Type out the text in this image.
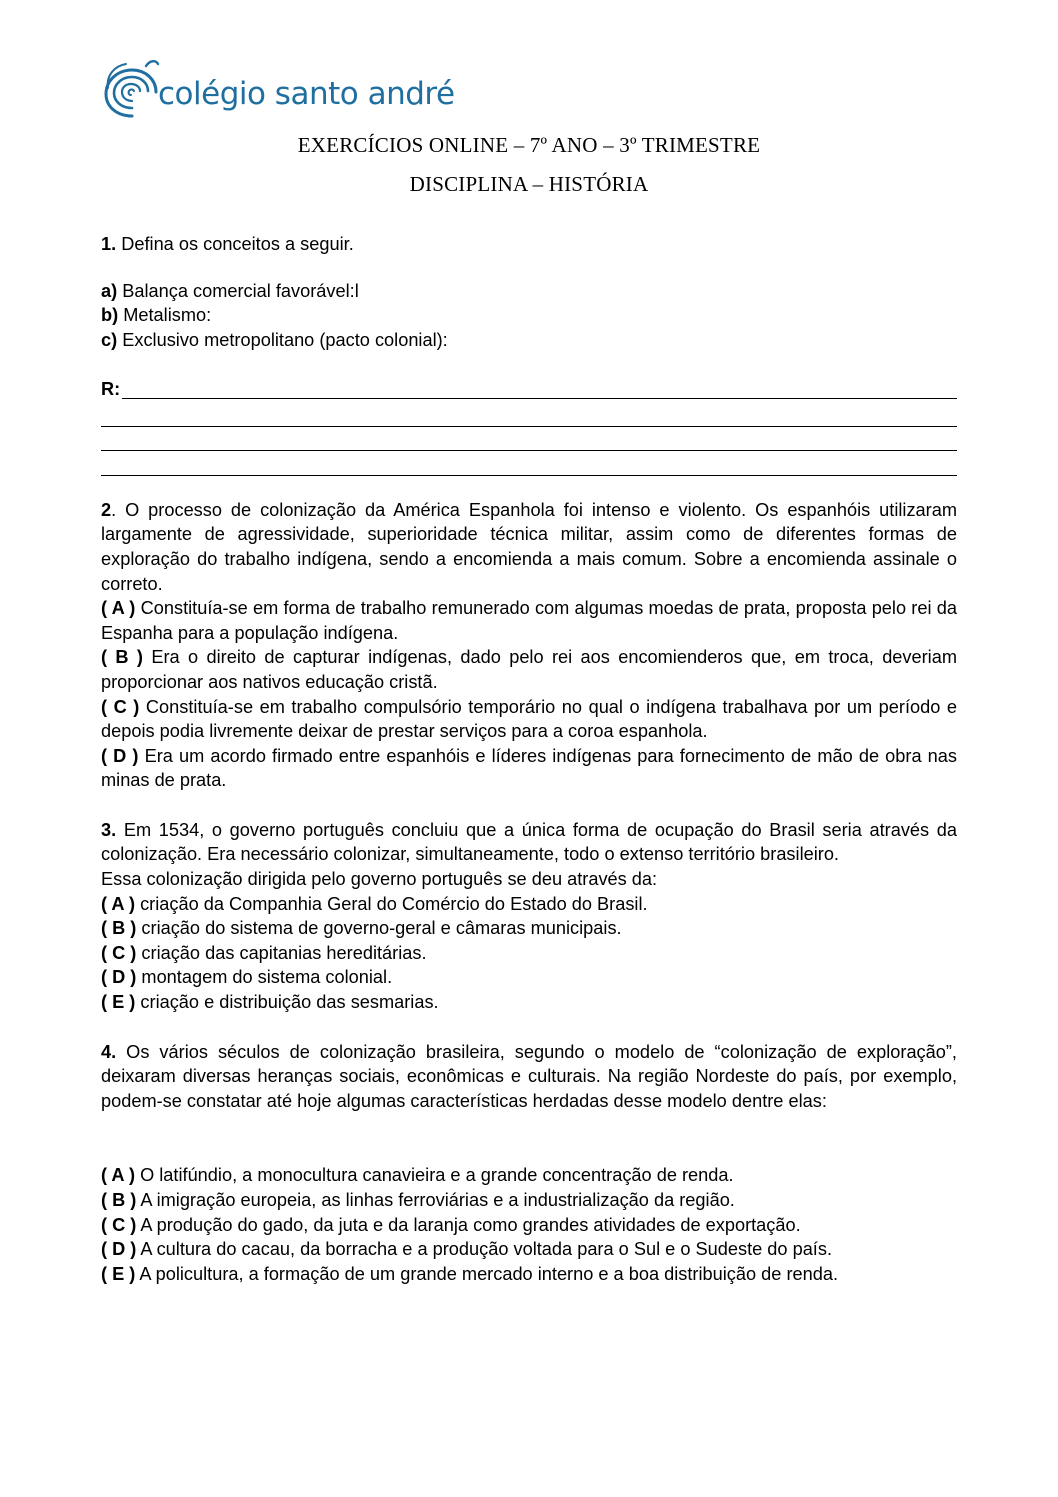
colégio santo andré
EXERCÍCIOS ONLINE – 7º ANO – 3º TRIMESTRE
DISCIPLINA – HISTÓRIA

1. Defina os conceitos a seguir.

a) Balança comercial favorável:l

b) Metalismo:

c) Exclusivo metropolitano (pacto colonial):

R:

2. O processo de colonização da América Espanhola foi intenso e violento. Os espanhóis utilizaram largamente de agressividade, superioridade técnica militar, assim como de diferentes formas de exploração do trabalho indígena, sendo a encomienda a mais comum. Sobre a encomienda assinale o correto.

( A ) Constituía-se em forma de trabalho remunerado com algumas moedas de prata, proposta pelo rei da Espanha para a população indígena.

( B ) Era o direito de capturar indígenas, dado pelo rei aos encomienderos que, em troca, deveriam proporcionar aos nativos educação cristã.

( C ) Constituía-se em trabalho compulsório temporário no qual o indígena trabalhava por um período e depois podia livremente deixar de prestar serviços para a coroa espanhola.

( D ) Era um acordo firmado entre espanhóis e líderes indígenas para fornecimento de mão de obra nas minas de prata.

3. Em 1534, o governo português concluiu que a única forma de ocupação do Brasil seria através da colonização. Era necessário colonizar, simultaneamente, todo o extenso território brasileiro.

Essa colonização dirigida pelo governo português se deu através da:

( A ) criação da Companhia Geral do Comércio do Estado do Brasil.

( B ) criação do sistema de governo-geral e câmaras municipais.

( C ) criação das capitanias hereditárias.

( D ) montagem do sistema colonial.

( E ) criação e distribuição das sesmarias.

4. Os vários séculos de colonização brasileira, segundo o modelo de “colonização de exploração”, deixaram diversas heranças sociais, econômicas e culturais. Na região Nordeste do país, por exemplo, podem-se constatar até hoje algumas características herdadas desse modelo dentre elas:

( A ) O latifúndio, a monocultura canavieira e a grande concentração de renda.

( B ) A imigração europeia, as linhas ferroviárias e a industrialização da região.

( C ) A produção do gado, da juta e da laranja como grandes atividades de exportação.

( D ) A cultura do cacau, da borracha e a produção voltada para o Sul e o Sudeste do país.

( E ) A policultura, a formação de um grande mercado interno e a boa distribuição de renda.
